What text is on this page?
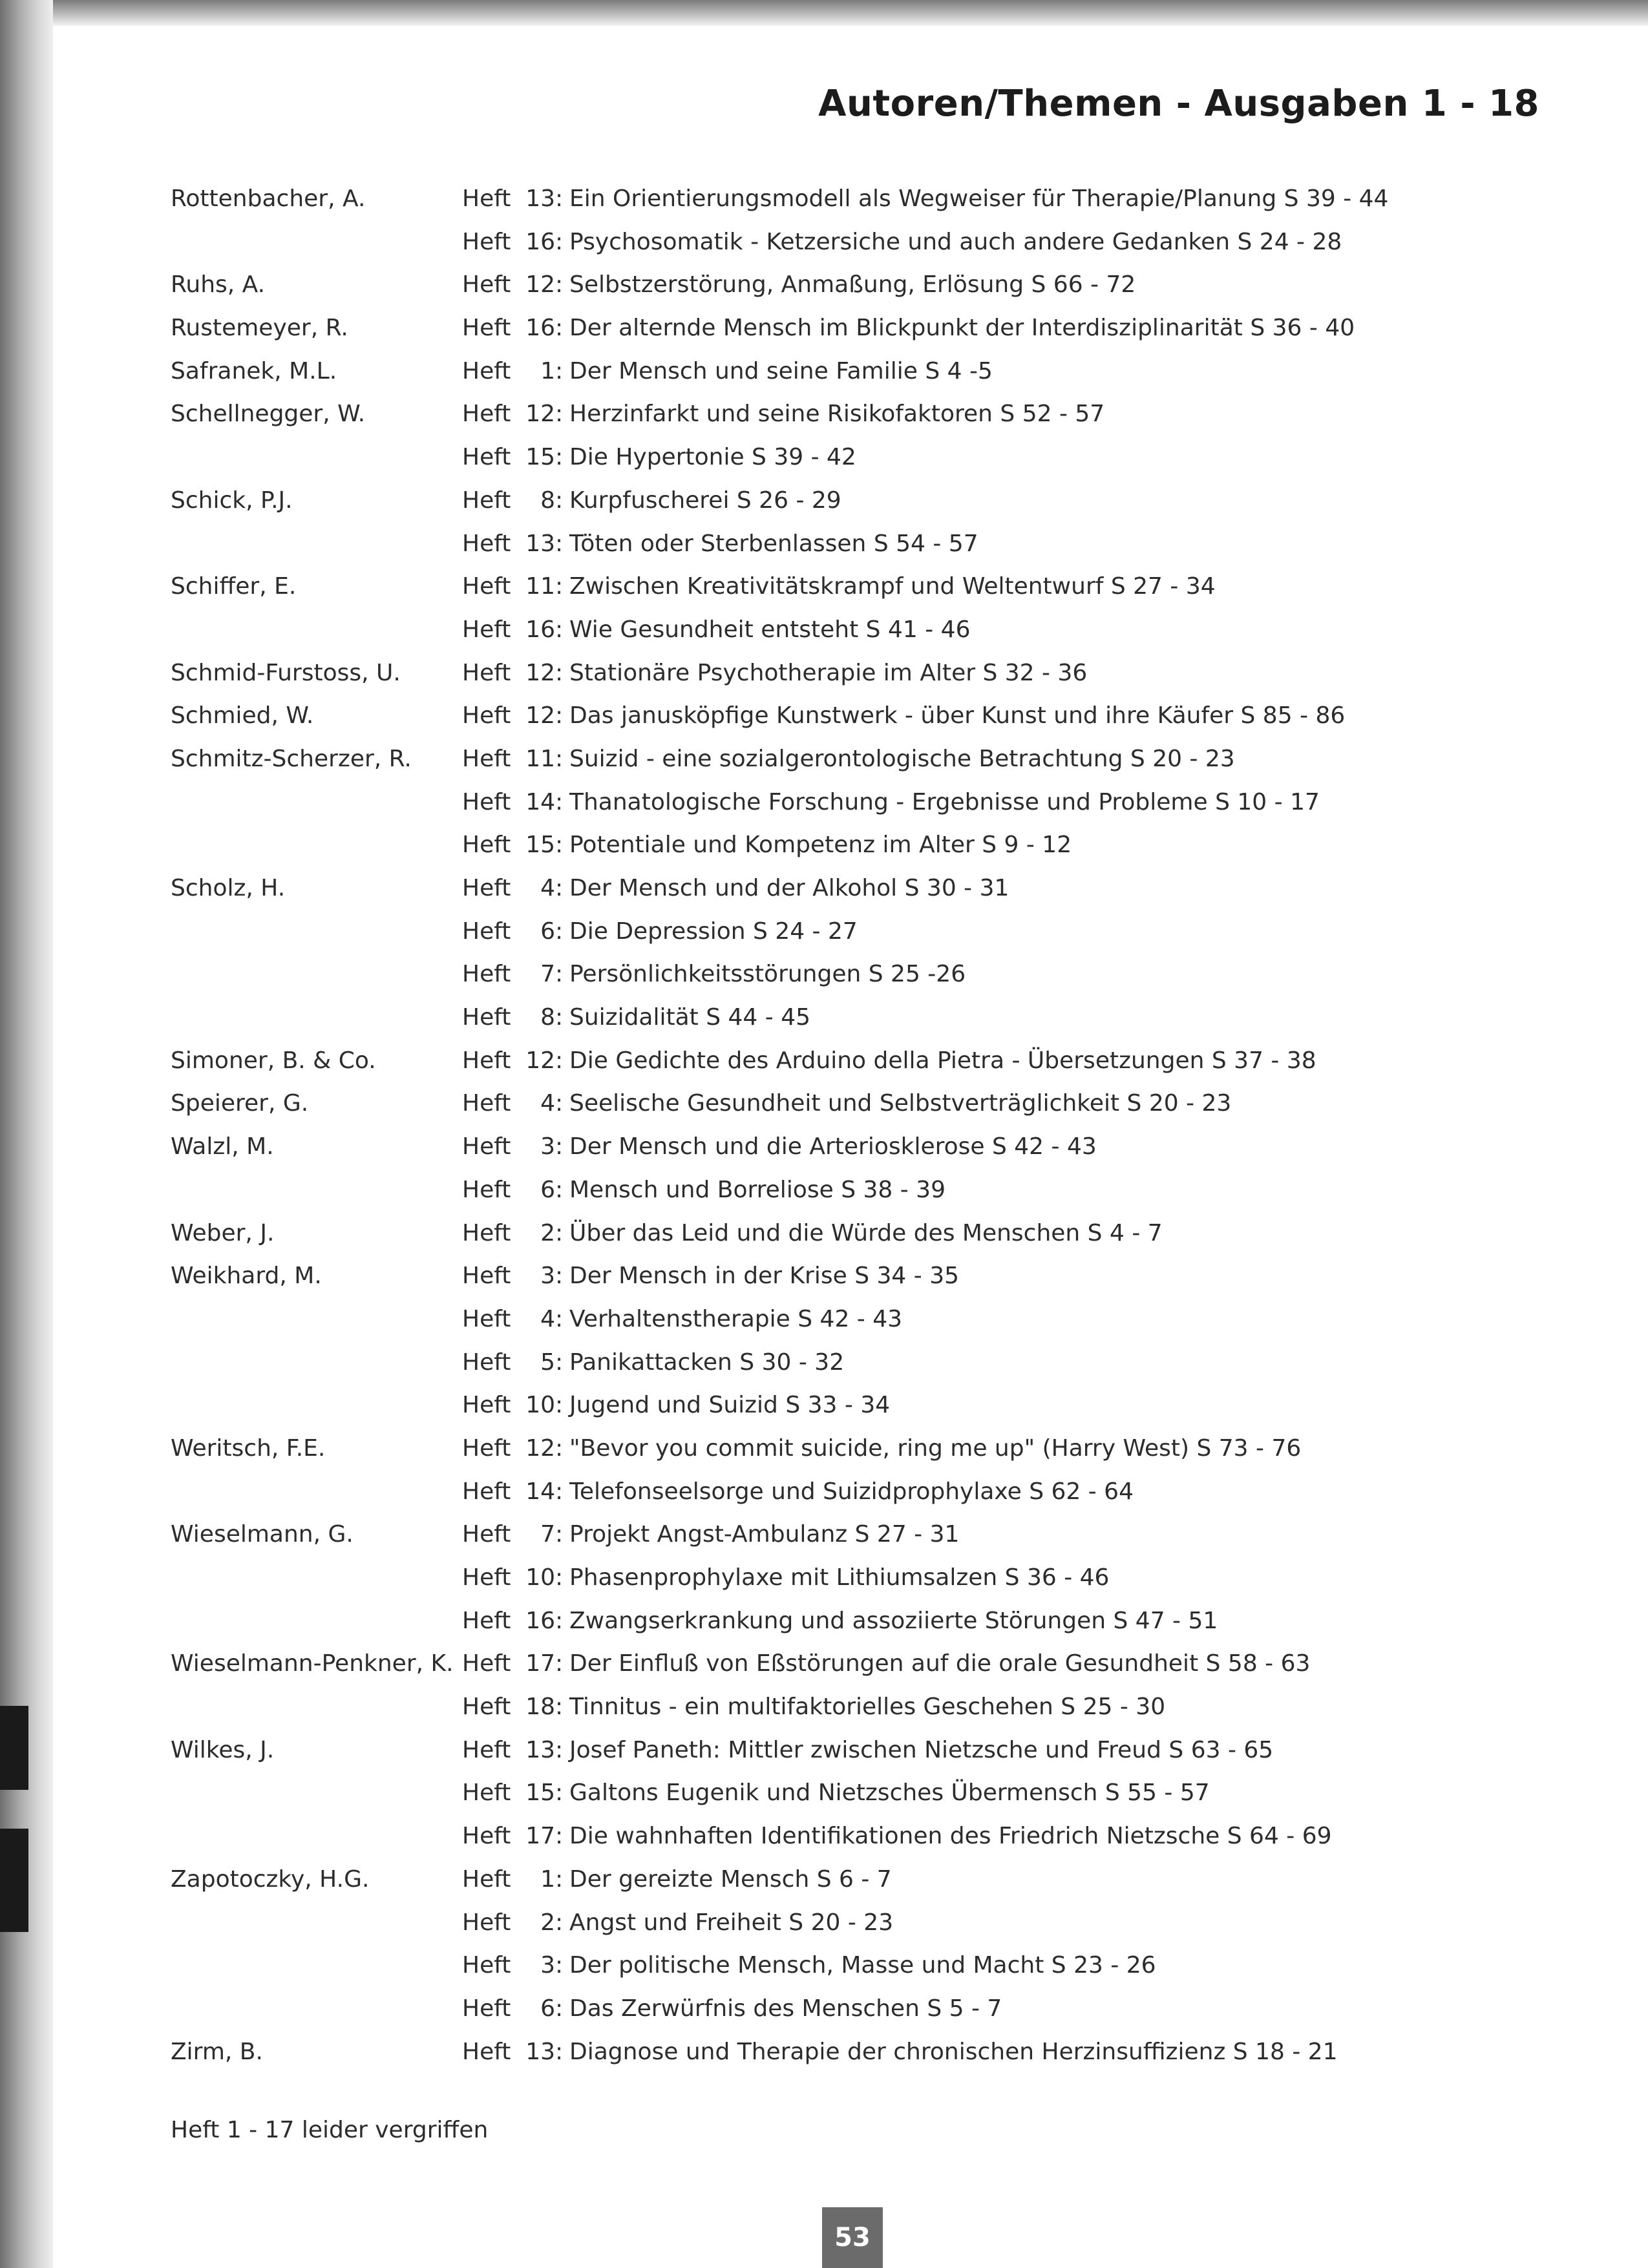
Autoren/Themen - Ausgaben 1 - 18
Rottenbacher, A.	Heft 13: Ein Orientierungsmodell als Wegweiser für Therapie/Planung S 39 - 44
Heft 16: Psychosomatik - Ketzersiche und auch andere Gedanken S 24 - 28
Ruhs, A.	Heft 12: Selbstzerstörung, Anmaßung, Erlösung S 66 - 72
Rustemeyer, R.	Heft 16: Der alternde Mensch im Blickpunkt der Interdisziplinarität S 36 - 40
Safranek, M.L.	Heft 1: Der Mensch und seine Familie S 4 -5
Schellnegger, W.	Heft 12: Herzinfarkt und seine Risikofaktoren S 52 - 57
Heft 15: Die Hypertonie S 39 - 42
Schick, P.J.	Heft 8: Kurpfuscherei S 26 - 29
Heft 13: Töten oder Sterbenlassen S 54 - 57
Schiffer, E.	Heft 11: Zwischen Kreativitätskrampf und Weltentwurf S 27 - 34
Heft 16: Wie Gesundheit entsteht S 41 - 46
Schmid-Furstoss, U.	Heft 12: Stationäre Psychotherapie im Alter S 32 - 36
Schmied, W.	Heft 12: Das janusköpfige Kunstwerk - über Kunst und ihre Käufer S 85 - 86
Schmitz-Scherzer, R. Heft 11: Suizid - eine sozialgerontologische Betrachtung S 20 - 23
Heft 14: Thanatologische Forschung - Ergebnisse und Probleme S 10 - 17
Heft 15: Potentiale und Kompetenz im Alter S 9 - 12
Scholz, H.	Heft 4: Der Mensch und der Alkohol S 30 - 31
Heft 6: Die Depression S 24 - 27
Heft 7: Persönlichkeitsstörungen S 25 -26
Heft 8: Suizidalität S 44 - 45
Simoner, B. & Co.	Heft 12: Die Gedichte des Arduino della Pietra - Übersetzungen S 37 - 38
Speierer, G.	Heft 4: Seelische Gesundheit und Selbstverträglichkeit S 20 - 23
Walzl, M.	Heft 3: Der Mensch und die Arteriosklerose S 42 - 43
Heft 6: Mensch und Borreliose S 38 - 39
Weber, J.	Heft 2: Über das Leid und die Würde des Menschen S 4 - 7
Weikhard, M.	Heft 3: Der Mensch in der Krise S 34 - 35
Heft 4: Verhaltenstherapie S 42 - 43
Heft 5: Panikattacken S 30 - 32
Heft 10: Jugend und Suizid S 33 - 34
Weritsch, F.E.	Heft 12: "Bevor you commit suicide, ring me up" (Harry West) S 73 - 76
Heft 14: Telefonseelsorge und Suizidprophylaxe S 62 - 64
Wieselmann, G.	Heft 7: Projekt Angst-Ambulanz S 27 - 31
Heft 10: Phasenprophylaxe mit Lithiumsalzen S 36 - 46
Heft 16: Zwangserkrankung und assoziierte Störungen S 47 - 51
Wieselmann-Penkner, K. Heft 17: Der Einfluß von Eßstörungen auf die orale Gesundheit S 58 - 63
Heft 18: Tinnitus - ein multifaktorielles Geschehen S 25 - 30
Wilkes, J.	Heft 13: Josef Paneth: Mittler zwischen Nietzsche und Freud S 63 - 65
Heft 15: Galtons Eugenik und Nietzsches Übermensch S 55 - 57
Heft 17: Die wahnhaften Identifikationen des Friedrich Nietzsche S 64 - 69
Zapotoczky, H.G.	Heft 1: Der gereizte Mensch S 6 - 7
Heft 2: Angst und Freiheit S 20 - 23
Heft 3: Der politische Mensch, Masse und Macht S 23 - 26
Heft 6: Das Zerwürfnis des Menschen S 5 - 7
Zirm, B.	Heft 13: Diagnose und Therapie der chronischen Herzinsuffizienz S 18 - 21
Heft 1 - 17 leider vergriffen
53
